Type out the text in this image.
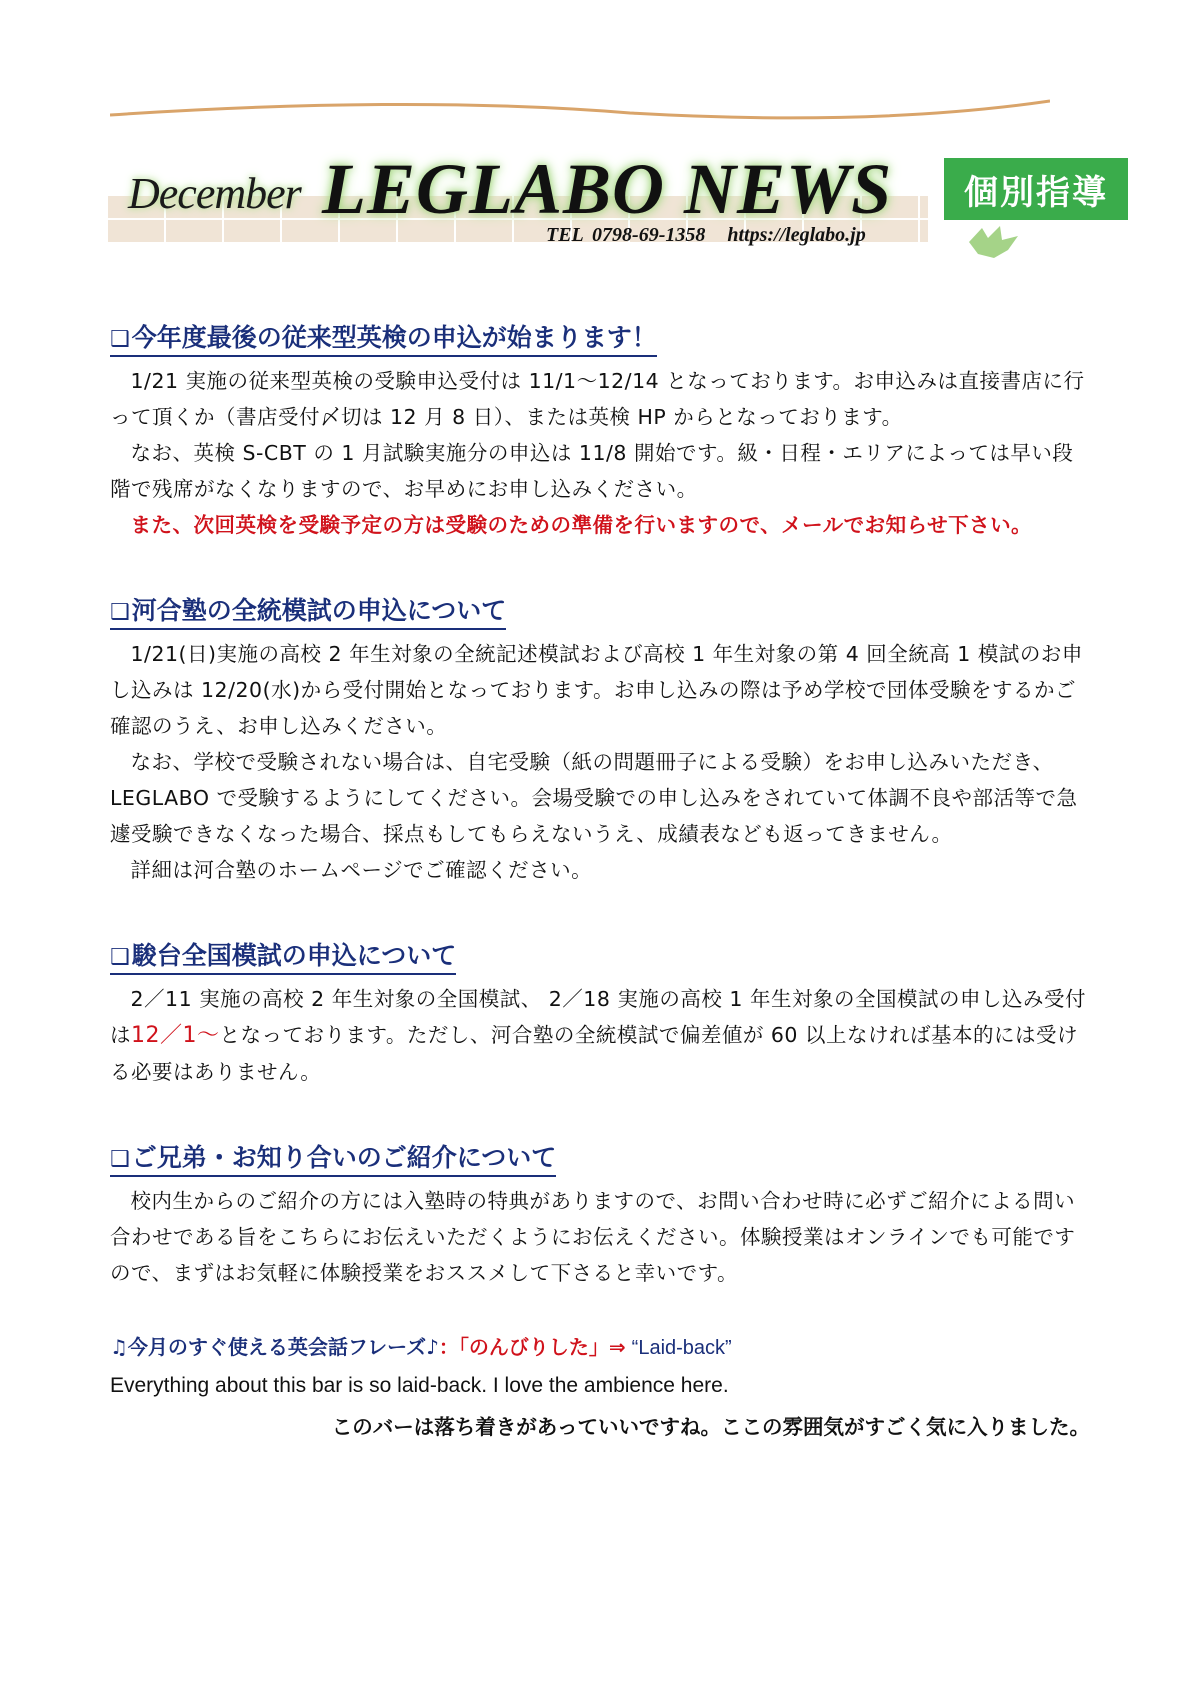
December LEGLABO NEWS	個別指導
TEL 0798-69-1358 https://leglabo.jp
❑今年度最後の従来型英検の申込が始まります！

1/21 実施の従来型英検の受験申込受付は 11/1〜12/14 となっております。お申込みは直接書店に行って頂くか（書店受付〆切は 12 月 8 日）、または英検 HP からとなっております。

なお、英検 S-CBT の 1 月試験実施分の申込は 11/8 開始です。級・日程・エリアによっては早い段階で残席がなくなりますので、お早めにお申し込みください。

また、次回英検を受験予定の方は受験のための準備を行いますので、メールでお知らせ下さい。

❑河合塾の全統模試の申込について

1/21(日)実施の高校 2 年生対象の全統記述模試および高校 1 年生対象の第 4 回全統高 1 模試のお申し込みは 12/20(水)から受付開始となっております。お申し込みの際は予め学校で団体受験をするかご確認のうえ、お申し込みください。

なお、学校で受験されない場合は、自宅受験（紙の問題冊子による受験）をお申し込みいただき、LEGLABO で受験するようにしてください。会場受験での申し込みをされていて体調不良や部活等で急遽受験できなくなった場合、採点もしてもらえないうえ、成績表なども返ってきません。

詳細は河合塾のホームページでご確認ください。

❑駿台全国模試の申込について

2／11 実施の高校 2 年生対象の全国模試、 2／18 実施の高校 1 年生対象の全国模試の申し込み受付は12／1〜となっております。ただし、河合塾の全統模試で偏差値が 60 以上なければ基本的には受ける必要はありません。

❑ご兄弟・お知り合いのご紹介について

校内生からのご紹介の方には入塾時の特典がありますので、お問い合わせ時に必ずご紹介による問い合わせである旨をこちらにお伝えいただくようにお伝えください。体験授業はオンラインでも可能ですので、まずはお気軽に体験授業をおススメして下さると幸いです。

♫今月のすぐ使える英会話フレーズ♪：「のんびりした」⇒ “Laid-back”
Everything about this bar is so laid-back. I love the ambience here.
このバーは落ち着きがあっていいですね。ここの雰囲気がすごく気に入りました。
